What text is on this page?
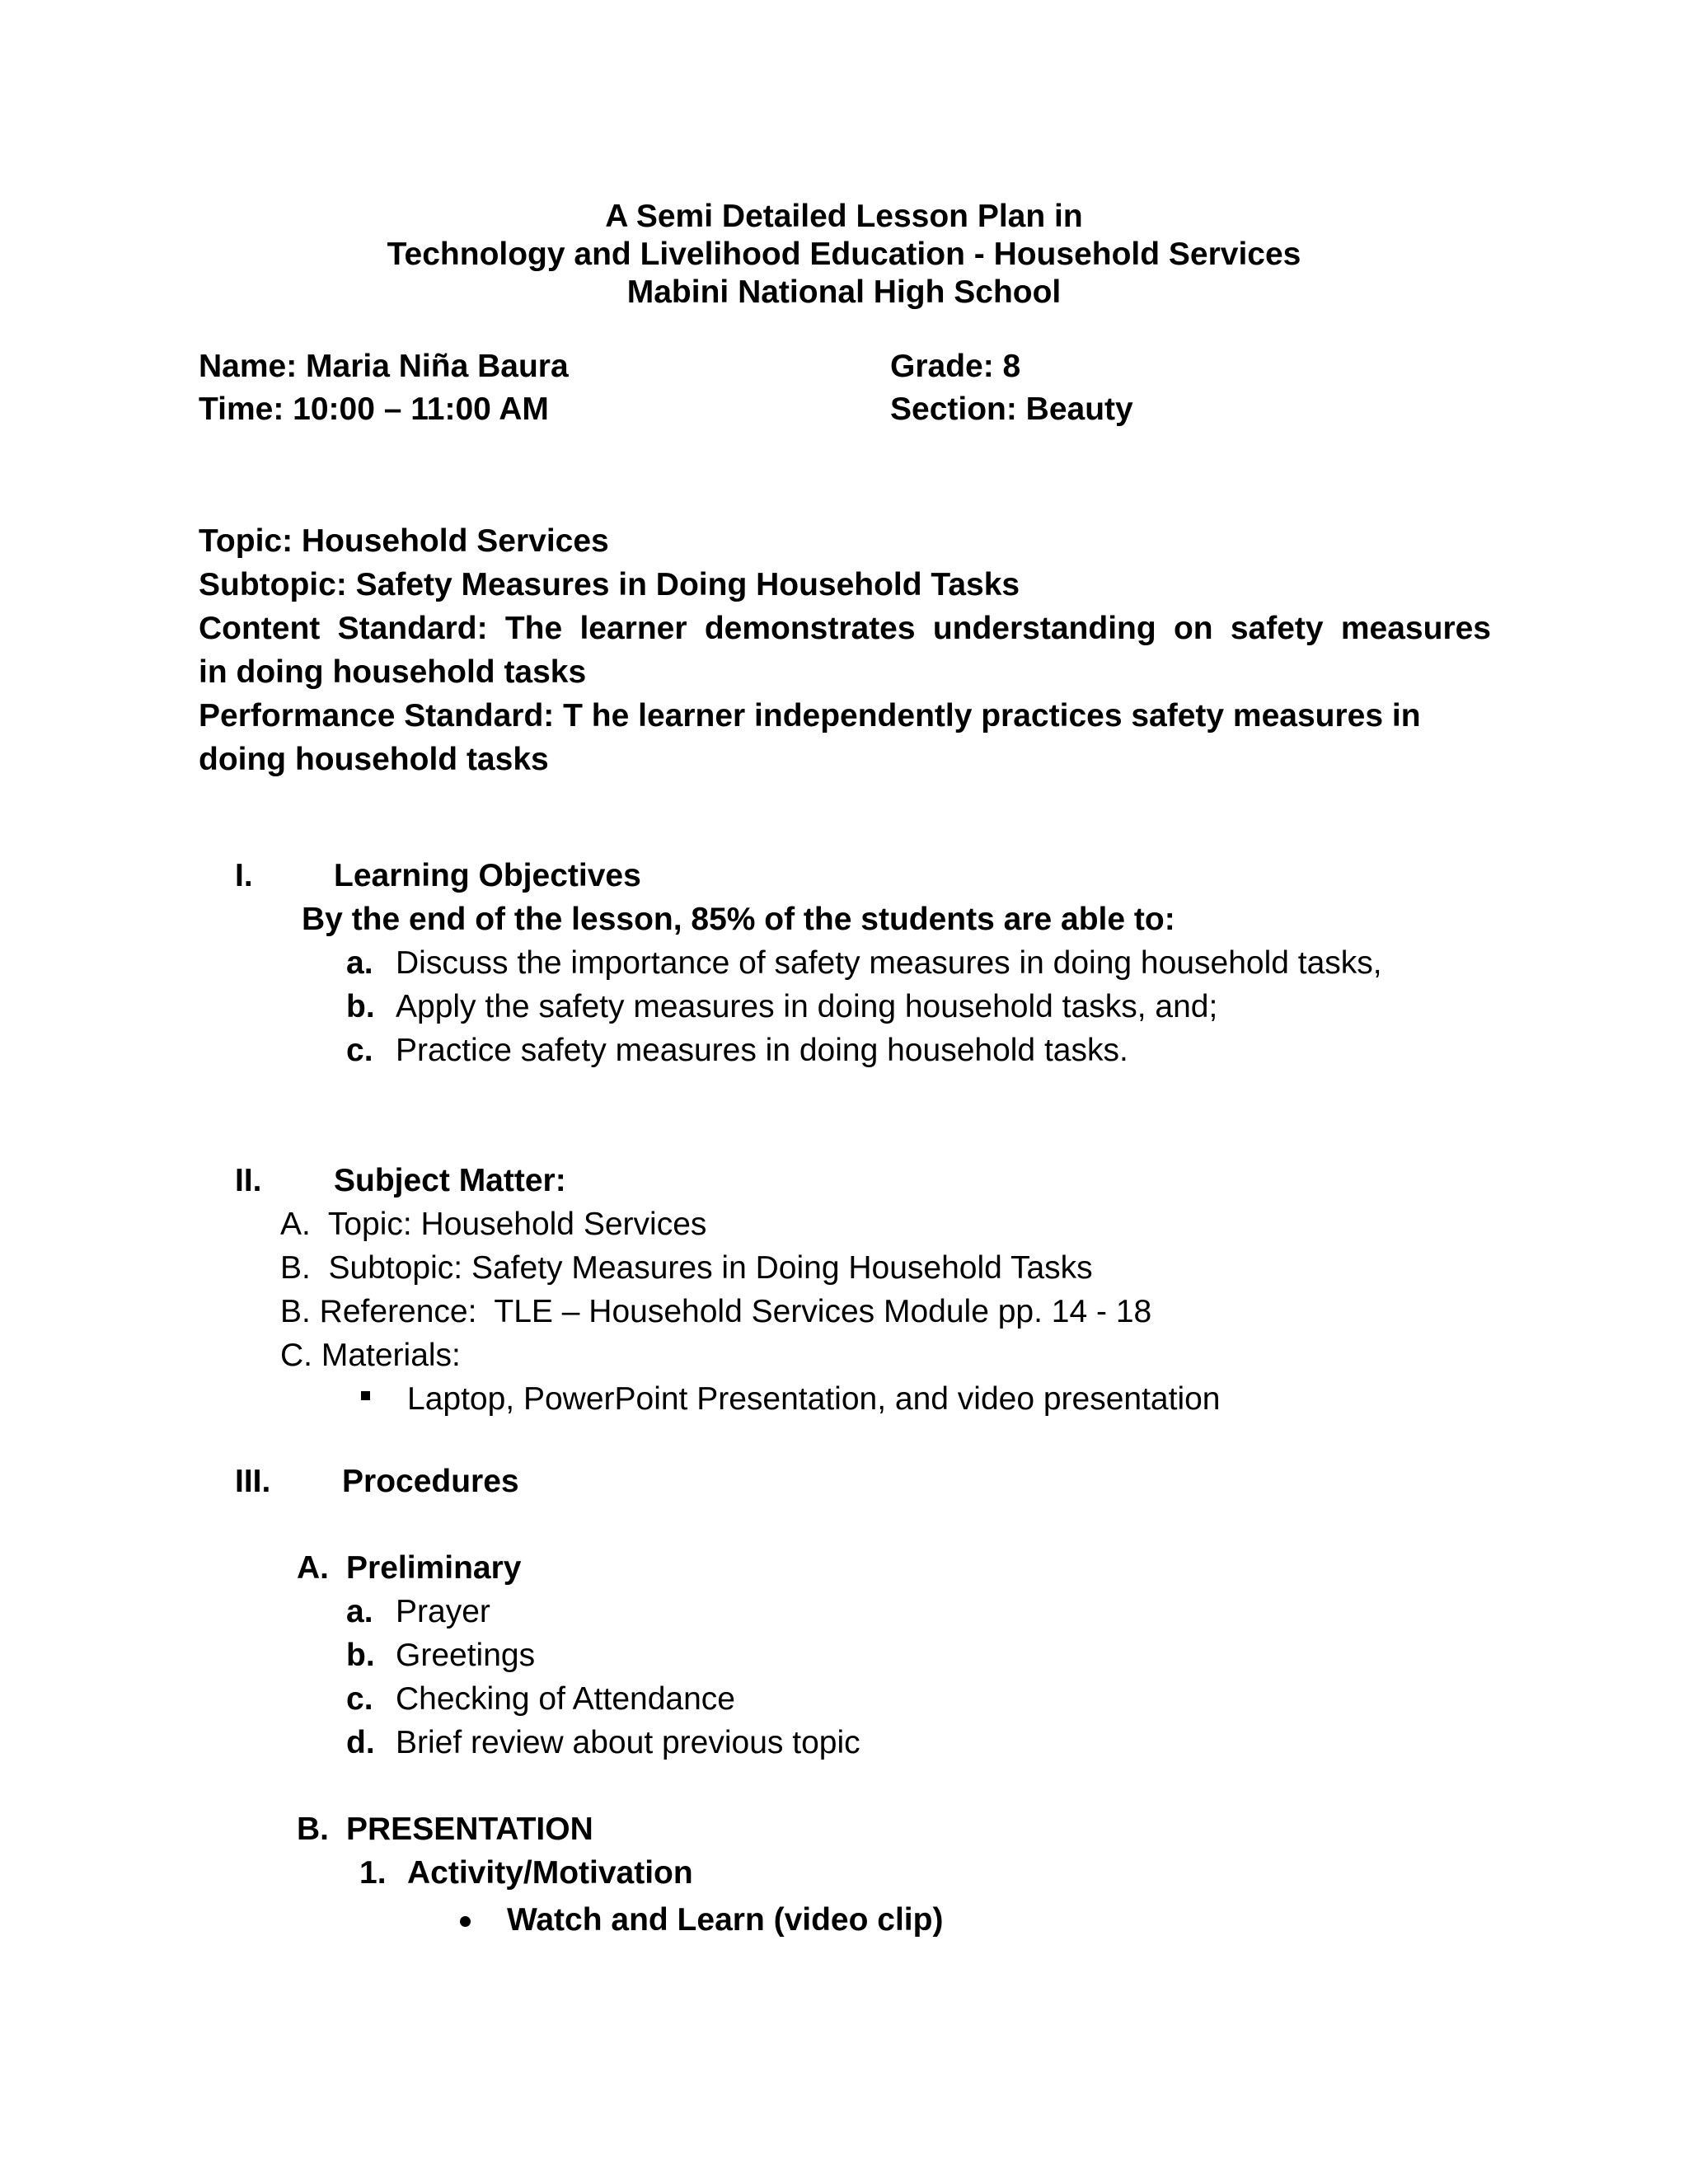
A Semi Detailed Lesson Plan in
Technology and Livelihood Education - Household Services
Mabini National High School
Name: Maria Niña Baura	Grade: 8
Time: 10:00 – 11:00 AM	Section: Beauty
Topic: Household Services
Subtopic: Safety Measures in Doing Household Tasks
Content Standard: The learner demonstrates understanding on safety measures
in doing household tasks
Performance Standard: T he learner independently practices safety measures in
doing household tasks
I.	Learning Objectives
By the end of the lesson, 85% of the students are able to:
a. Discuss the importance of safety measures in doing household tasks,
b. Apply the safety measures in doing household tasks, and;
c. Practice safety measures in doing household tasks.
II. Subject Matter:
A.  Topic: Household Services
B.  Subtopic: Safety Measures in Doing Household Tasks
B. Reference:  TLE – Household Services Module pp. 14 - 18
C. Materials:
Laptop, PowerPoint Presentation, and video presentation
III. Procedures
A. Preliminary
a. Prayer
b. Greetings
c. Checking of Attendance
d. Brief review about previous topic
B. PRESENTATION
1. Activity/Motivation
Watch and Learn (video clip)
